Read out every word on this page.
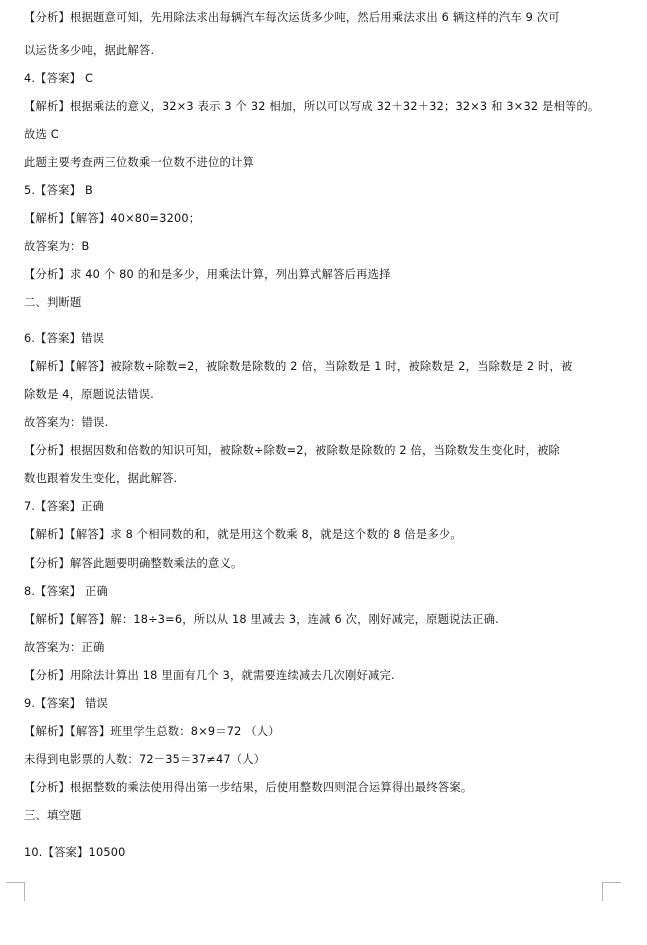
【分析】根据题意可知，先用除法求出每辆汽车每次运货多少吨，然后用乘法求出 6 辆这样的汽车 9 次可
以运货多少吨，据此解答.
4.【答案】 C
【解析】根据乘法的意义，32×3 表示 3 个 32 相加，所以可以写成 32＋32＋32；32×3 和 3×32 是相等的。
故选 C
此题主要考查两三位数乘一位数不进位的计算
5.【答案】 B
【解析】【解答】40×80=3200；
故答案为：B
【分析】求 40 个 80 的和是多少，用乘法计算，列出算式解答后再选择
二、判断题
6.【答案】错误
【解析】【解答】被除数÷除数=2，被除数是除数的 2 倍，当除数是 1 时，被除数是 2，当除数是 2 时，被
除数是 4，原题说法错误.
故答案为：错误.
【分析】根据因数和倍数的知识可知，被除数÷除数=2，被除数是除数的 2 倍，当除数发生变化时，被除
数也跟着发生变化，据此解答.
7.【答案】正确
【解析】【解答】求 8 个相同数的和，就是用这个数乘 8，就是这个数的 8 倍是多少。
【分析】解答此题要明确整数乘法的意义。
8.【答案】 正确
【解析】【解答】解：18÷3=6，所以从 18 里减去 3，连减 6 次，刚好减完，原题说法正确.
故答案为：正确
【分析】用除法计算出 18 里面有几个 3，就需要连续减去几次刚好减完.
9.【答案】 错误
【解析】【解答】班里学生总数：8×9＝72 （人）
未得到电影票的人数：72－35＝37≠47（人）
【分析】根据整数的乘法使用得出第一步结果，后使用整数四则混合运算得出最终答案。
三、填空题
10.【答案】10500
